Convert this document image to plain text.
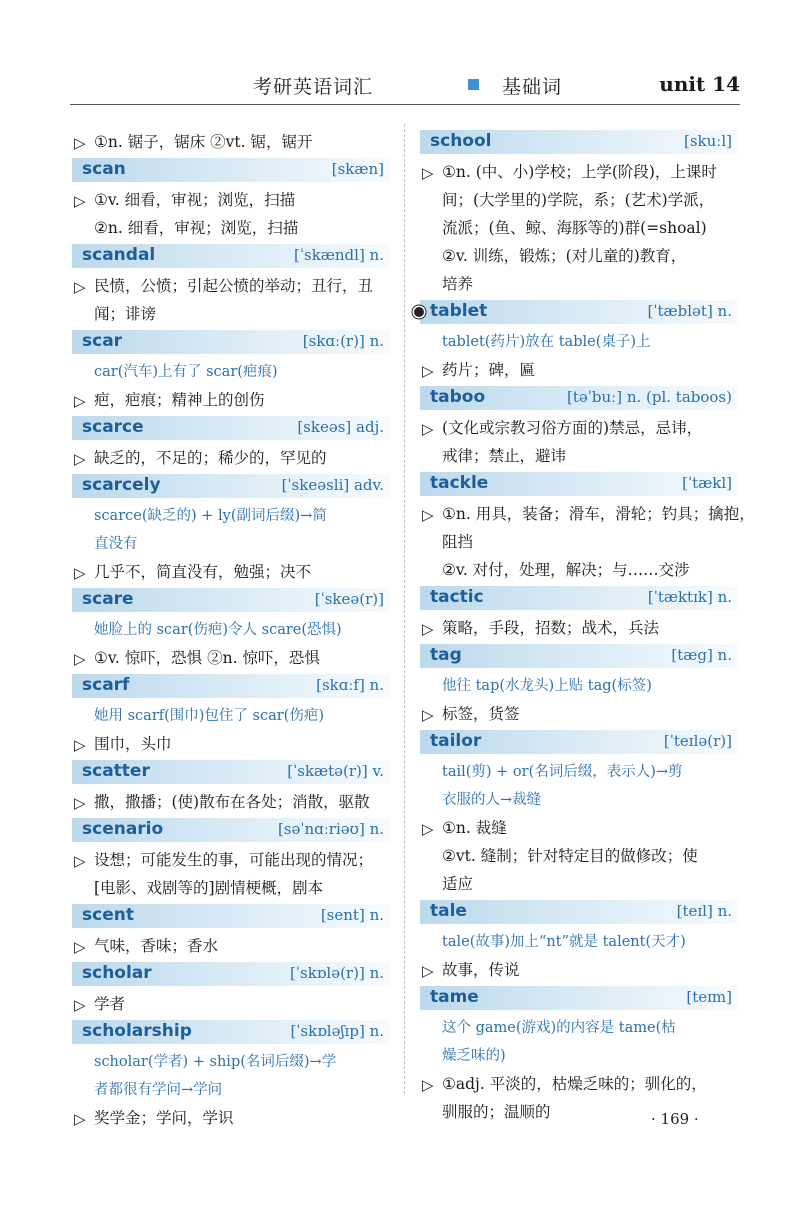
考研英语词汇	基础词	unit 14
▷ ①n. 锯子，锯床 ②vt. 锯，锯开
scan	[skæn]
▷ ①v. 细看，审视；浏览，扫描
②n. 细看，审视；浏览，扫描
scandal	[ˈskændl] n.
▷ 民愤，公愤；引起公愤的举动；丑行，丑
闻；诽谤
scar	[skɑː(r)] n.
car(汽车)上有了 scar(疤痕)
▷ 疤，疤痕；精神上的创伤
scarce	[skeəs] adj.
▷ 缺乏的，不足的；稀少的，罕见的
scarcely	[ˈskeəsli] adv.
scarce(缺乏的) + ly(副词后缀)→简
直没有
▷ 几乎不，简直没有，勉强；决不
scare	[ˈskeə(r)]
她脸上的 scar(伤疤)令人 scare(恐惧)
▷ ①v. 惊吓，恐惧 ②n. 惊吓，恐惧
scarf	[skɑːf] n.
她用 scarf(围巾)包住了 scar(伤疤)
▷ 围巾，头巾
scatter	[ˈskætə(r)] v.
▷ 撒，撒播；(使)散布在各处；消散，驱散
scenario	[səˈnɑːriəʊ] n.
▷ 设想；可能发生的事，可能出现的情况；
[电影、戏剧等的]剧情梗概，剧本
scent	[sent] n.
▷ 气味，香味；香水
scholar	[ˈskɒlə(r)] n.
▷ 学者
scholarship	[ˈskɒləʃɪp] n.
scholar(学者) + ship(名词后缀)→学
者都很有学问→学问
▷ 奖学金；学问，学识
school	[skuːl]
▷ ①n. (中、小)学校；上学(阶段)，上课时
间；(大学里的)学院，系；(艺术)学派，
流派；(鱼、鲸、海豚等的)群(=shoal)
②v. 训练，锻炼；(对儿童的)教育，
培养
tablet	[ˈtæblət] n.
tablet(药片)放在 table(桌子)上
▷ 药片；碑，匾
taboo	[təˈbuː] n. (pl. taboos)
▷ (文化或宗教习俗方面的)禁忌，忌讳，
戒律；禁止，避讳
tackle	[ˈtækl]
▷ ①n. 用具，装备；滑车，滑轮；钓具；擒抱，
阻挡
②v. 对付，处理，解决；与……交涉
tactic	[ˈtæktɪk] n.
▷ 策略，手段，招数；战术，兵法
tag	[tæg] n.
他往 tap(水龙头)上贴 tag(标签)
▷ 标签，货签
tailor	[ˈteɪlə(r)]
tail(剪) + or(名词后缀，表示人)→剪
衣服的人→裁缝
▷ ①n. 裁缝
②vt. 缝制；针对特定目的做修改；使
适应
tale	[teɪl] n.
tale(故事)加上“nt”就是 talent(天才)
▷ 故事，传说
tame	[teɪm]
这个 game(游戏)的内容是 tame(枯
燥乏味的)
▷ ①adj. 平淡的，枯燥乏味的；驯化的，
驯服的；温顺的	· 169 ·
